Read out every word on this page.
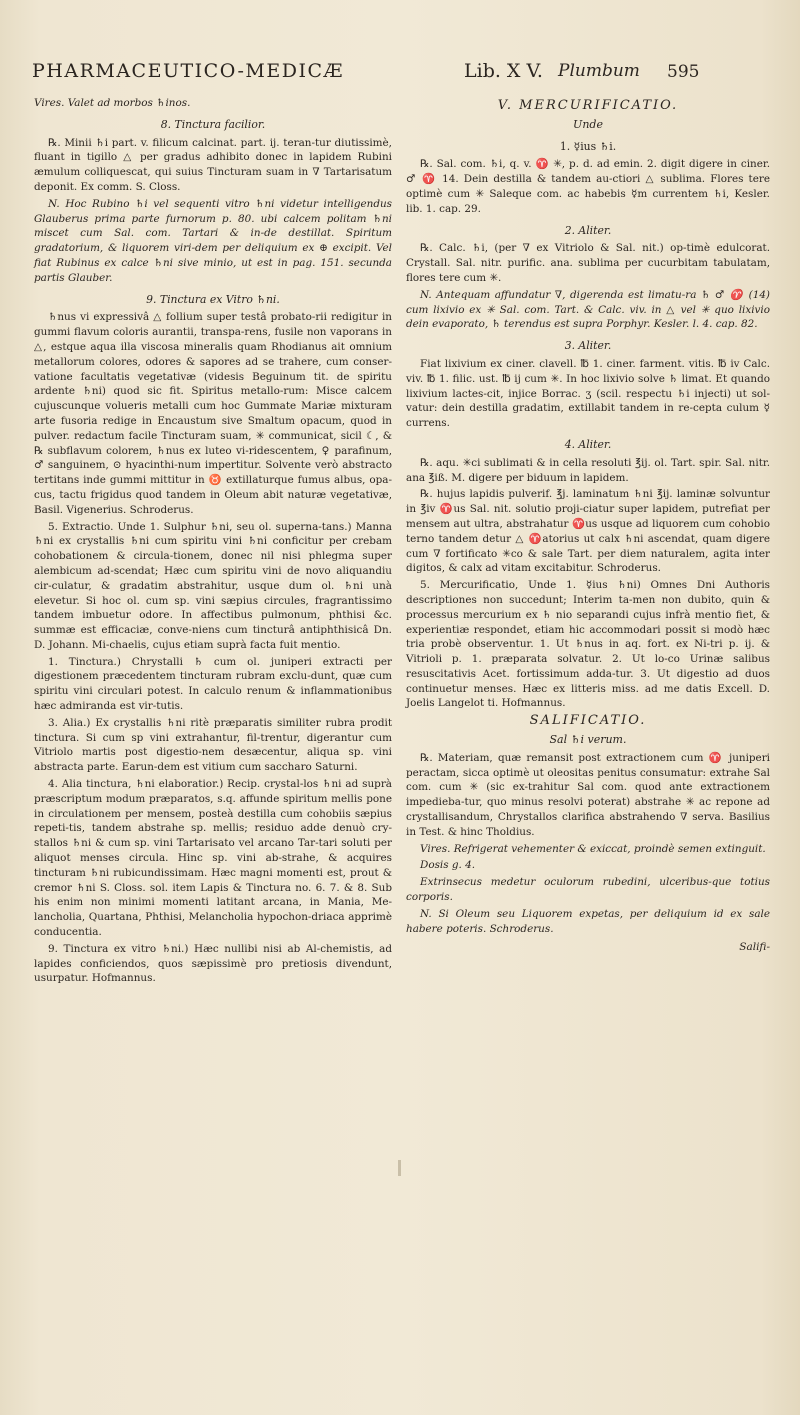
PHARMACEUTICO-MEDICÆ	Lib. X V. Plumbum 595

Vires. Valet ad morbos ♄inos.

8. Tinctura facilior.

℞. Minii ♄i part. v. filicum calcinat. part. ij. teran-tur diutissimè, fluant in tigillo △ per gradus adhibito donec in lapidem Rubini æmulum colliquescat, qui suius Tincturam suam in ∇ Tartarisatum deponit. Ex comm. S. Closs.

N. Hoc Rubino ♄i vel sequenti vitro ♄ni videtur intelligendus Glauberus prima parte furnorum p. 80. ubi calcem politam ♄ni miscet cum Sal. com. Tartari & in-de destillat. Spiritum gradatorium, & liquorem viri-dem per deliquium ex ⊕ excipit. Vel fiat Rubinus ex calce ♄ni sive minio, ut est in pag. 151. secunda partis Glauber.

9. Tinctura ex Vitro ♄ni.

♄nus vi expressivâ △ follium super testâ probato-rii redigitur in gummi flavum coloris aurantii, transpa-rens, fusile non vaporans in △, estque aqua illa viscosa mineralis quam Rhodianus ait omnium metallorum colores, odores & sapores ad se trahere, cum conser-vatione facultatis vegetativæ (videsis Beguinum tit. de spiritu ardente ♄ni) quod sic fit. Spiritus metallo-rum: Misce calcem cujuscunque volueris metalli cum hoc Gummate Mariæ mixturam arte fusoria redige in Encaustum sive Smaltum opacum, quod in pulver. redactum facile Tincturam suam, ✳ communicat, sicil ☾, & ℞ subflavum colorem, ♄nus ex luteo vi-ridescentem, ♀ parafinum, ♂ sanguinem, ⊙ hyacinthi-num impertitur. Solvente verò abstracto tertitans inde gummi mittitur in ♉ extillaturque fumus albus, opa-cus, tactu frigidus quod tandem in Oleum abit naturæ vegetativæ, Basil. Vigenerius. Schroderus.

5. Extractio. Unde 1. Sulphur ♄ni, seu ol. superna-tans.) Manna ♄ni ex crystallis ♄ni cum spiritu vini ♄ni conficitur per crebam cohobationem & circula-tionem, donec nil nisi phlegma super alembicum ad-scendat; Hæc cum spiritu vini de novo aliquandiu cir-culatur, & gradatim abstrahitur, usque dum ol. ♄ni unà elevetur. Si hoc ol. cum sp. vini sæpius circules, fragrantissimo tandem imbuetur odore. In affectibus pulmonum, phthisi &c. summæ est efficaciæ, conve-niens cum tincturâ antiphthisicâ Dn. D. Johann. Mi-chaelis, cujus etiam suprà facta fuit mentio.

1. Tinctura.) Chrystalli ♄ cum ol. juniperi extracti per digestionem præcedentem tincturam rubram exclu-dunt, quæ cum spiritu vini circulari potest. In calculo renum & inflammationibus hæc admiranda est vir-tutis.

3. Alia.) Ex crystallis ♄ni ritè præparatis similiter rubra prodit tinctura. Si cum sp vini extrahantur, fil-trentur, digerantur cum Vitriolo martis post digestio-nem desæcentur, aliqua sp. vini abstracta parte. Earun-dem est vitium cum saccharo Saturni.

4. Alia tinctura, ♄ni elaboratior.) Recip. crystal-los ♄ni ad suprà præscriptum modum præparatos, s.q. affunde spiritum mellis pone in circulationem per mensem, posteà destilla cum cohobiis sæpius repeti-tis, tandem abstrahe sp. mellis; residuo adde denuò cry-stallos ♄ni & cum sp. vini Tartarisato vel arcano Tar-tari soluti per aliquot menses circula. Hinc sp. vini ab-strahe, & acquires tincturam ♄ni rubicundissimam. Hæc magni momenti est, prout & cremor ♄ni S. Closs. sol. item Lapis & Tinctura no. 6. 7. & 8. Sub his enim non minimi momenti latitant arcana, in Mania, Me-lancholia, Quartana, Phthisi, Melancholia hypochon-driaca apprimè conducentia.

9. Tinctura ex vitro ♄ni.) Hæc nullibi nisi ab Al-chemistis, ad lapides conficiendos, quos sæpissimè pro pretiosis divendunt, usurpatur. Hofmannus.

V. MERCURIFICATIO.
Unde
1. ☿ius ♄i.

℞. Sal. com. ♄i, q. v. ♈ ✳, p. d. ad emin. 2. digit digere in ciner. ♂ ♈ 14. Dein destilla & tandem au-ctiori △ sublima. Flores tere optimè cum ✳ Saleque com. ac habebis ☿m currentem ♄i, Kesler. lib. 1. cap. 29.

2. Aliter.

℞. Calc. ♄i, (per ∇ ex Vitriolo & Sal. nit.) op-timè edulcorat. Crystall. Sal. nitr. purific. ana. sublima per cucurbitam tabulatam, flores tere cum ✳.

N. Antequam affundatur ∇, digerenda est limatu-ra ♄ ♂ ♈ (14) cum lixivio ex ✳ Sal. com. Tart. & Calc. viv. in △ vel ✳ quo lixivio dein evaporato, ♄ terendus est supra Porphyr. Kesler. l. 4. cap. 82.

3. Aliter.

Fiat lixivium ex ciner. clavell. ℔ 1. ciner. farment. vitis. ℔ iv Calc. viv. ℔ 1. filic. ust. ℔ ij cum ✳. In hoc lixivio solve ♄ limat. Et quando lixivium lactes-cit, injice Borrac. ʒ (scil. respectu ♄i injecti) ut sol-vatur: dein destilla gradatim, extillabit tandem in re-cepta culum ☿ currens.

4. Aliter.

℞. aqu. ✳ci sublimati & in cella resoluti ℥ij. ol. Tart. spir. Sal. nitr. ana ℥iß. M. digere per biduum in lapidem.

℞. hujus lapidis pulverif. ℥j. laminatum ♄ni ℥ij. laminæ solvuntur in ℥iv ♈us Sal. nit. solutio proji-ciatur super lapidem, putrefiat per mensem aut ultra, abstrahatur ♈us usque ad liquorem cum cohobio terno tandem detur △ ♈atorius ut calx ♄ni ascendat, quam digere cum ∇ fortificato ✳co & sale Tart. per diem naturalem, agita inter digitos, & calx ad vitam excitabitur. Schroderus.

5. Mercurificatio, Unde 1. ☿ius ♄ni) Omnes Dni Authoris descriptiones non succedunt; Interim ta-men non dubito, quin & processus mercurium ex ♄ nio separandi cujus infrà mentio fiet, & experientiæ respondet, etiam hic accommodari possit si modò hæc tria probè observentur. 1. Ut ♄nus in aq. fort. ex Ni-tri p. ij. & Vitrioli p. 1. præparata solvatur. 2. Ut lo-co Urinæ salibus resuscitativis Acet. fortissimum adda-tur. 3. Ut digestio ad duos continuetur menses. Hæc ex litteris miss. ad me datis Excell. D. Joelis Langelot ti. Hofmannus.

SALIFICATIO.
Sal ♄i verum.

℞. Materiam, quæ remansit post extractionem cum ♈ juniperi peractam, sicca optimè ut oleositas penitus consumatur: extrahe Sal com. cum ✳ (sic ex-trahitur Sal com. quod ante extractionem impedieba-tur, quo minus resolvi poterat) abstrahe ✳ ac repone ad crystallisandum, Chrystallos clarifica abstrahendo ∇ serva. Basilius in Test. & hinc Tholdius.

Vires. Refrigerat vehementer & exiccat, proindè semen extinguit.

Dosis g. 4.

Extrinsecus medetur oculorum rubedini, ulceribus-que totius corporis.

N. Si Oleum seu Liquorem expetas, per deliquium id ex sale habere poteris. Schroderus.

Salifi-
